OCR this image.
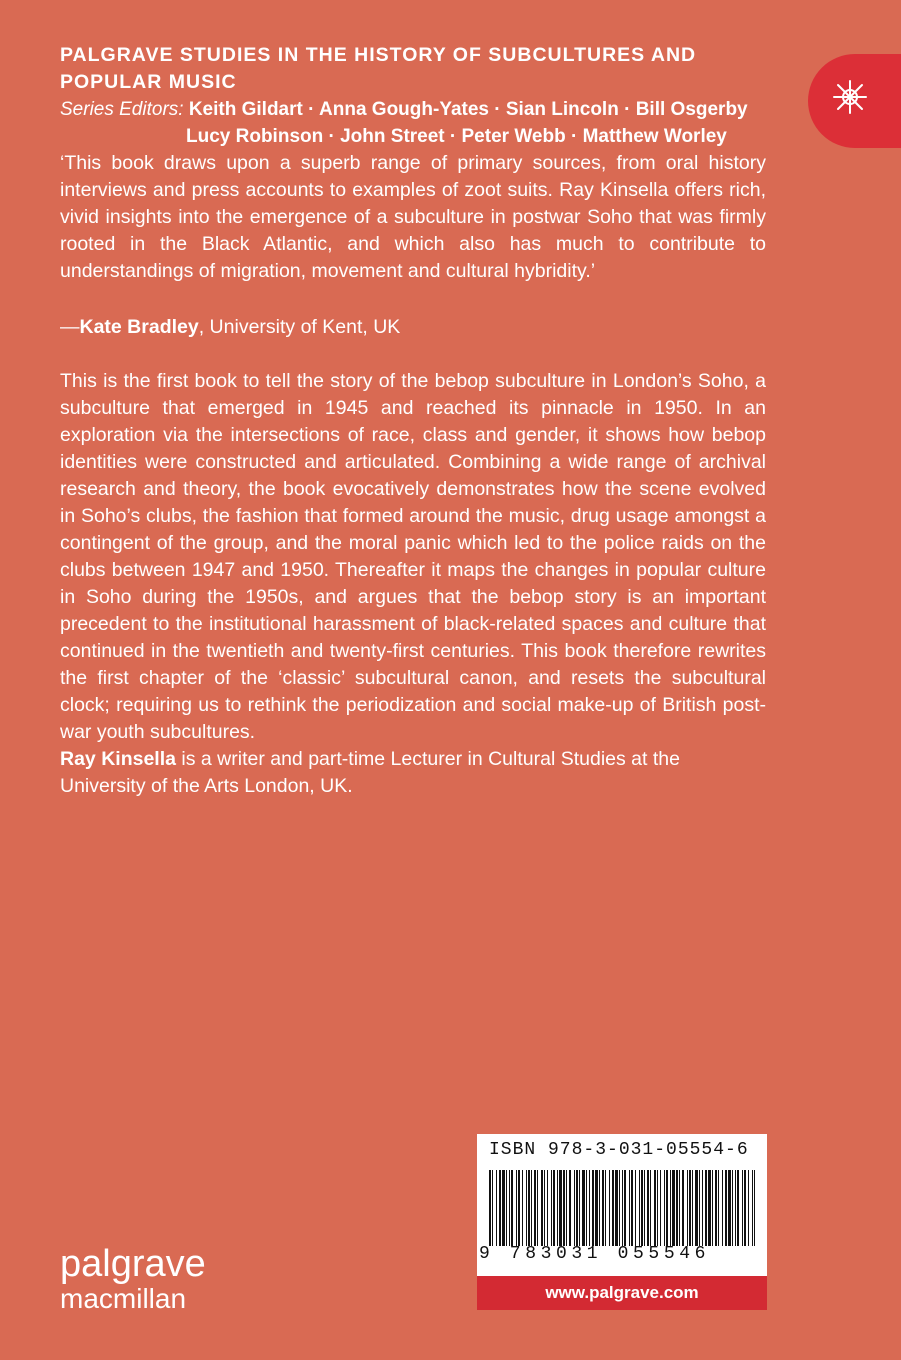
PALGRAVE STUDIES IN THE HISTORY OF SUBCULTURES AND POPULAR MUSIC
Series Editors: Keith Gildart · Anna Gough-Yates · Sian Lincoln · Bill Osgerby
Lucy Robinson · John Street · Peter Webb · Matthew Worley
‘This book draws upon a superb range of primary sources, from oral history interviews and press accounts to examples of zoot suits. Ray Kinsella offers rich, vivid insights into the emergence of a subculture in postwar Soho that was firmly rooted in the Black Atlantic, and which also has much to contribute to understandings of migration, movement and cultural hybridity.’
—Kate Bradley, University of Kent, UK
This is the first book to tell the story of the bebop subculture in London’s Soho, a subculture that emerged in 1945 and reached its pinnacle in 1950. In an exploration via the intersections of race, class and gender, it shows how bebop identities were constructed and articulated. Combining a wide range of archival research and theory, the book evocatively demonstrates how the scene evolved in Soho’s clubs, the fashion that formed around the music, drug usage amongst a contingent of the group, and the moral panic which led to the police raids on the clubs between 1947 and 1950. Thereafter it maps the changes in popular culture in Soho during the 1950s, and argues that the bebop story is an important precedent to the institutional harassment of black-related spaces and culture that continued in the twentieth and twenty-first centuries. This book therefore rewrites the first chapter of the ‘classic’ subcultural canon, and resets the subcultural clock; requiring us to rethink the periodization and social make-up of British post-war youth subcultures.
Ray Kinsella is a writer and part-time Lecturer in Cultural Studies at the University of the Arts London, UK.
ISBN 978-3-031-05554-6
9 783031 055546
www.palgrave.com
palgrave
macmillan
